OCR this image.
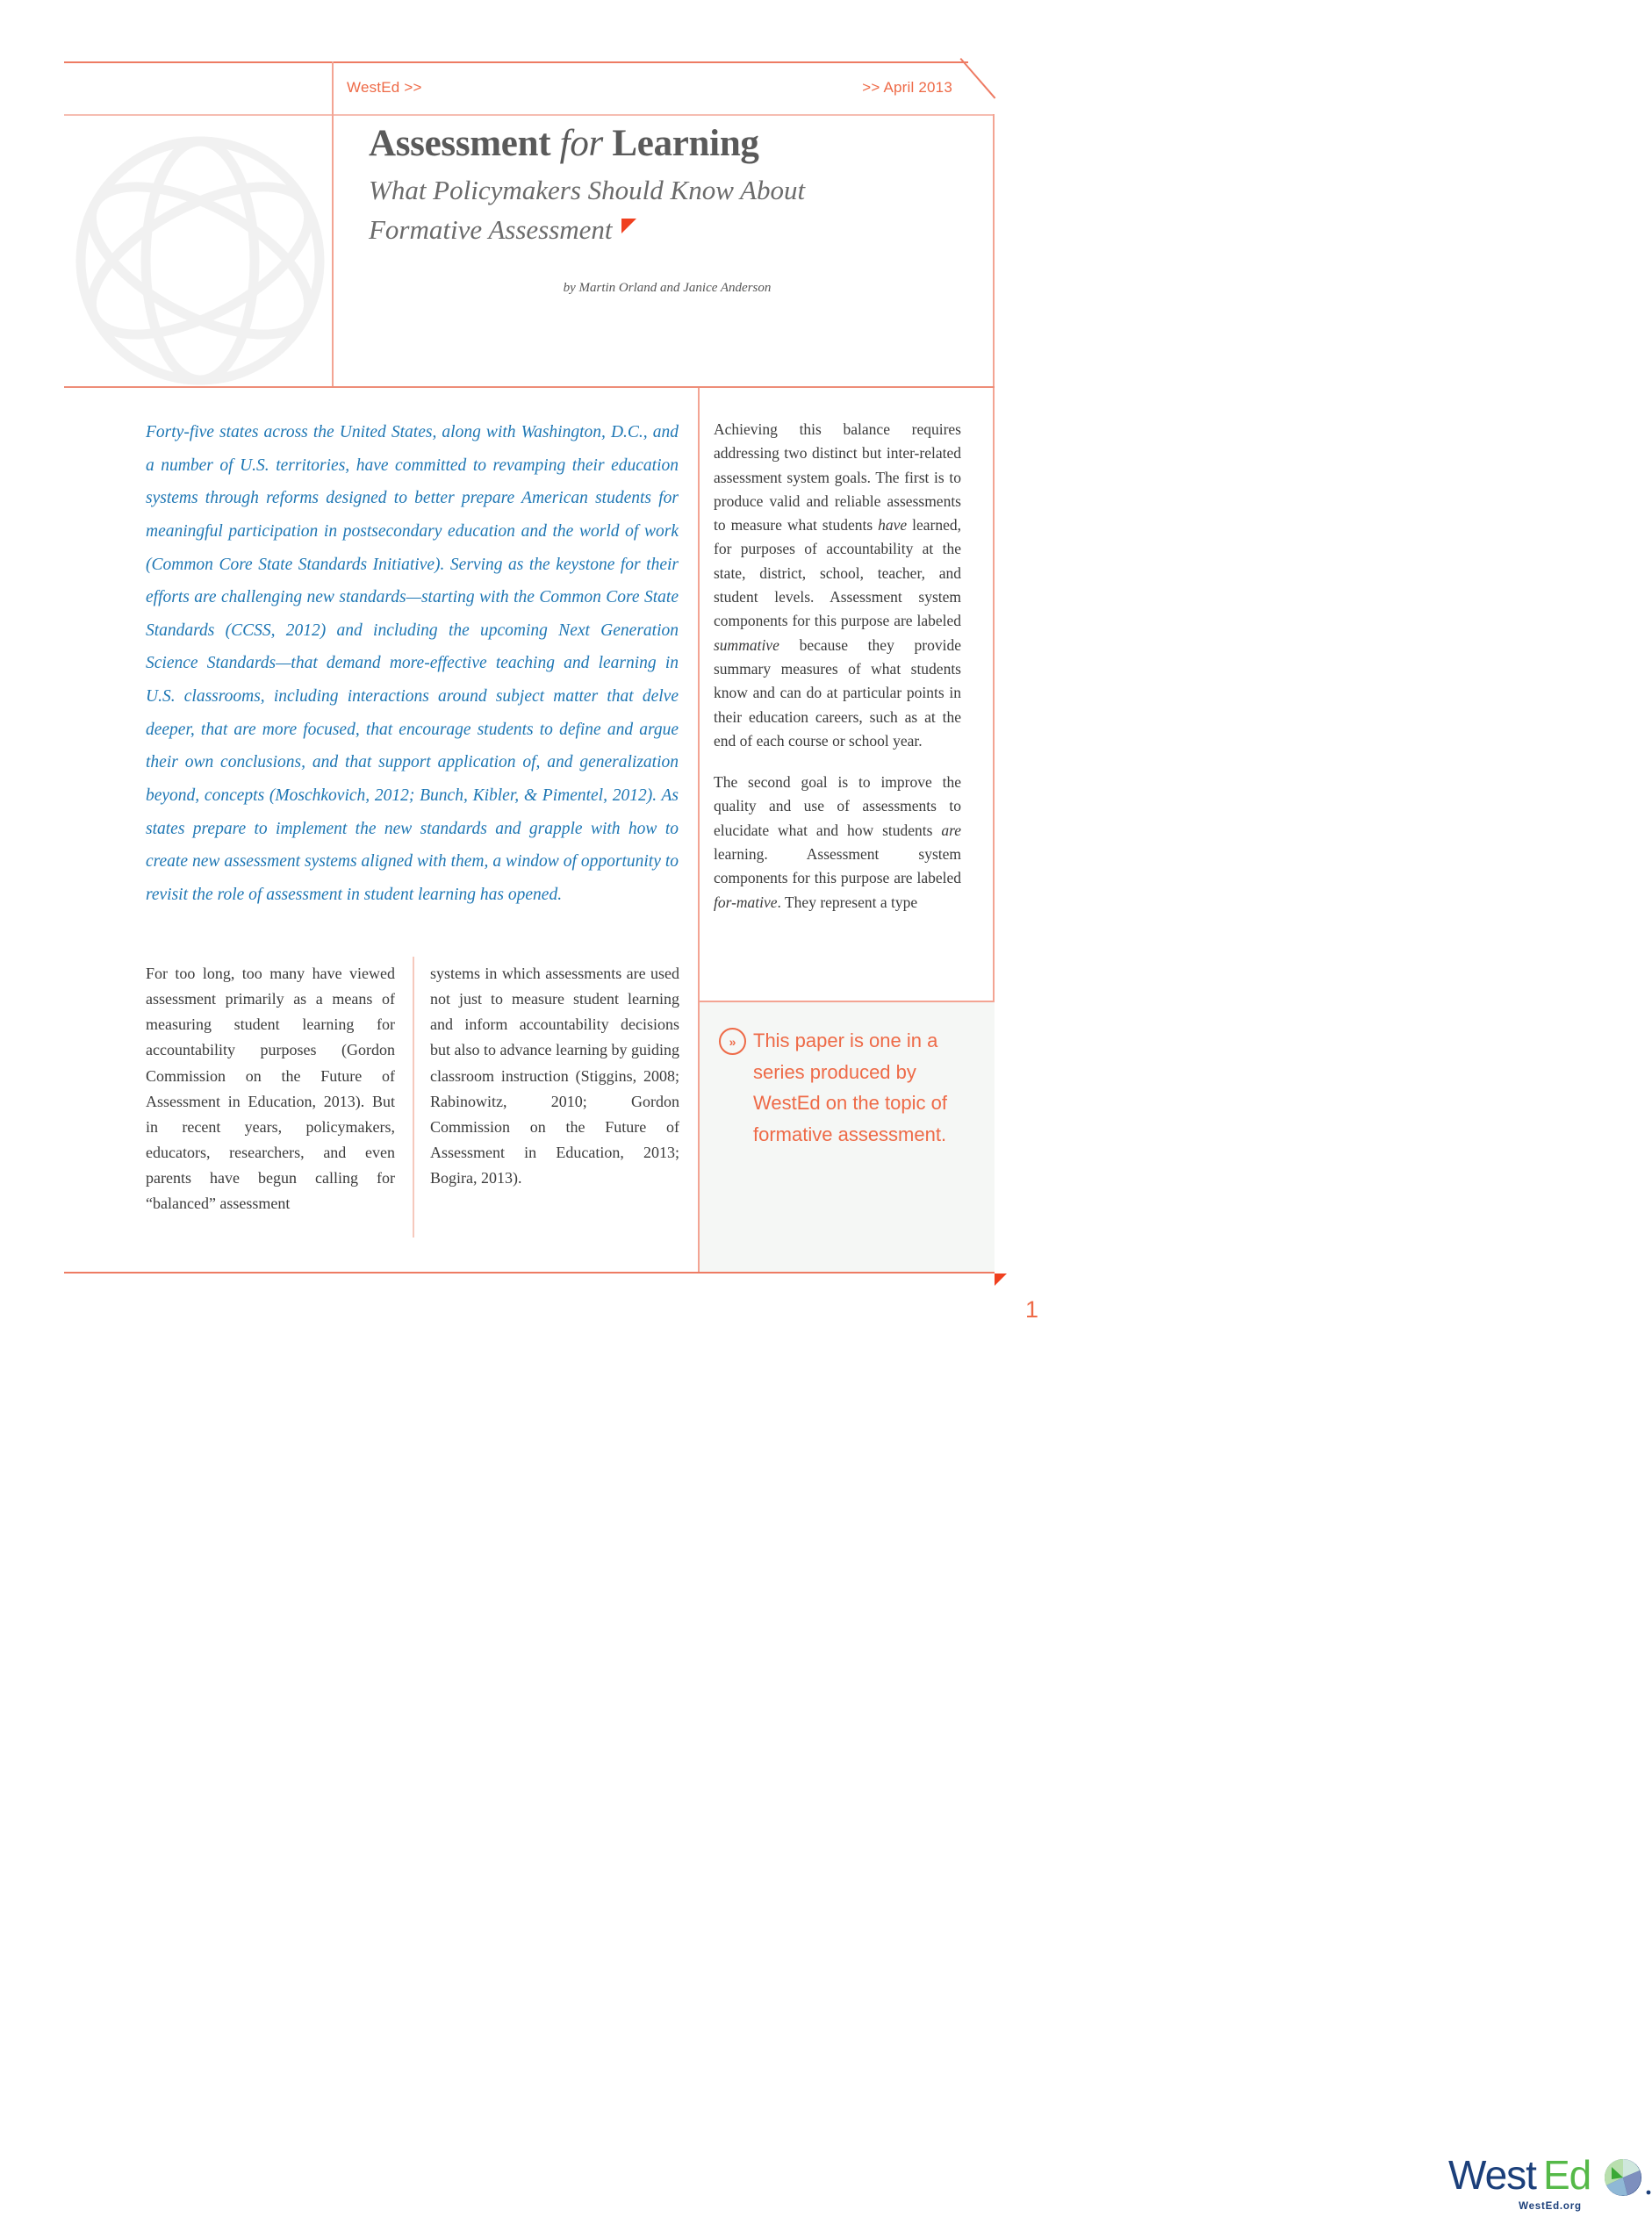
WestEd >>	>> April 2013
Assessment for Learning
What Policymakers Should Know About
Formative Assessment
by Martin Orland and Janice Anderson
Forty-five states across the United States, along with Washington, D.C., and a number of U.S. territories, have committed to revamping their education systems through reforms designed to better prepare American students for meaningful participation in postsecondary education and the world of work (Common Core State Standards Initiative). Serving as the keystone for their efforts are challenging new standards—starting with the Common Core State Standards (CCSS, 2012) and including the upcoming Next Generation Science Standards—that demand more-effective teaching and learning in U.S. classrooms, including interactions around subject matter that delve deeper, that are more focused, that encourage students to define and argue their own conclusions, and that support application of, and generalization beyond, concepts (Moschkovich, 2012; Bunch, Kibler, & Pimentel, 2012). As states prepare to implement the new standards and grapple with how to create new assessment systems aligned with them, a window of opportunity to revisit the role of assessment in student learning has opened.

For too long, too many have viewed assessment primarily as a means of measuring student learning for accountability purposes (Gordon Commission on the Future of Assessment in Education, 2013). But in recent years, policymakers, educators, researchers, and even parents have begun calling for “balanced” assessment

systems in which assessments are used not just to measure student learning and inform accountability decisions but also to advance learning by guiding classroom instruction (Stiggins, 2008; Rabinowitz, 2010; Gordon Commission on the Future of Assessment in Education, 2013; Bogira, 2013).

Achieving this balance requires addressing two distinct but inter-related assessment system goals. The first is to produce valid and reliable assessments to measure what students have learned, for purposes of accountability at the state, district, school, teacher, and student levels. Assessment system components for this purpose are labeled summative because they provide summary measures of what students know and can do at particular points in their education careers, such as at the end of each course or school year.

The second goal is to improve the quality and use of assessments to elucidate what and how students are learning. Assessment system components for this purpose are labeled for-mative. They represent a type

» This paper is one in a series produced by WestEd on the topic of formative assessment.
West Ed
WestEd.org
1
